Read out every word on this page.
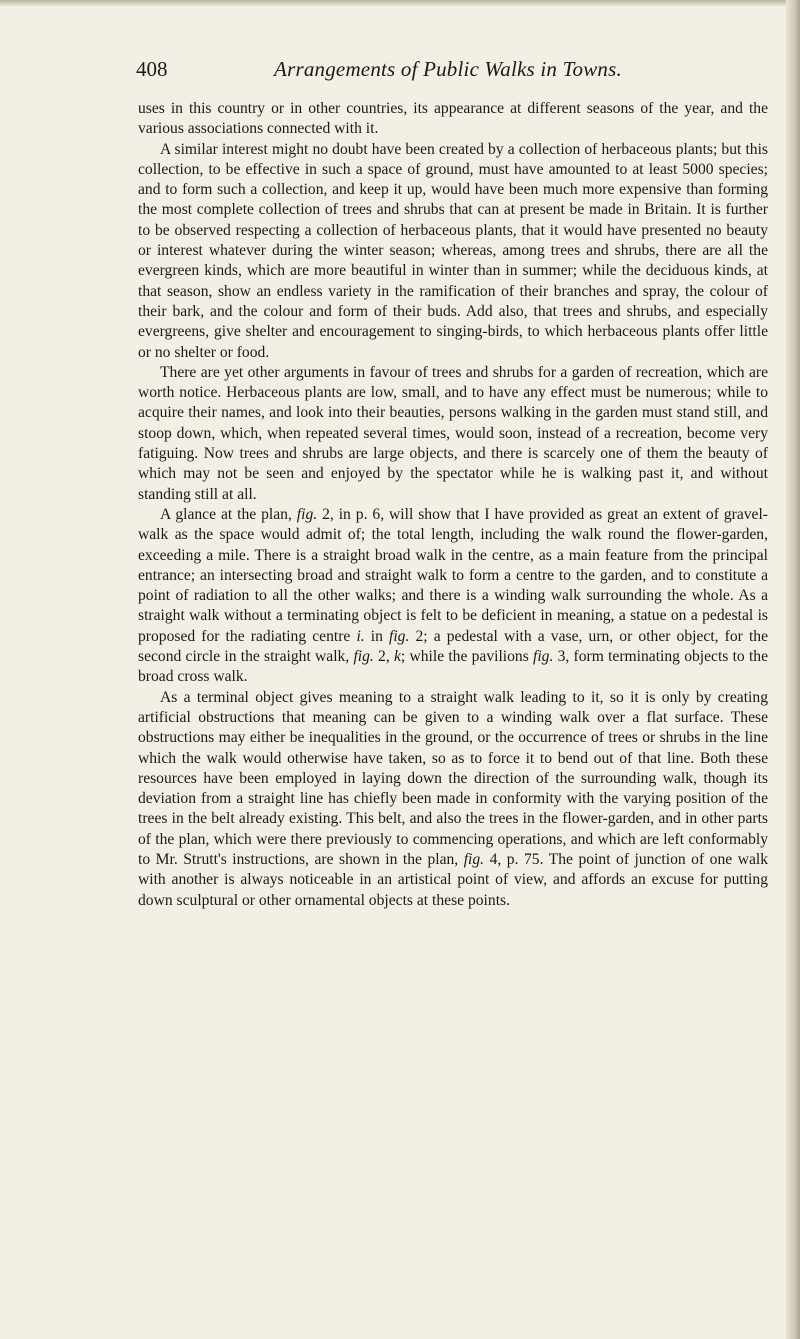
Arrangements of Public Walks in Towns.
408

uses in this country or in other countries, its appearance at different seasons of the year, and the various associations connected with it.

A similar interest might no doubt have been created by a collection of herbaceous plants; but this collection, to be effective in such a space of ground, must have amounted to at least 5000 species; and to form such a collection, and keep it up, would have been much more expensive than forming the most complete collection of trees and shrubs that can at present be made in Britain. It is further to be observed respecting a collection of herbaceous plants, that it would have presented no beauty or interest whatever during the winter season; whereas, among trees and shrubs, there are all the evergreen kinds, which are more beautiful in winter than in summer; while the deciduous kinds, at that season, show an endless variety in the ramification of their branches and spray, the colour of their bark, and the colour and form of their buds. Add also, that trees and shrubs, and especially evergreens, give shelter and encouragement to singing-birds, to which herbaceous plants offer little or no shelter or food.

There are yet other arguments in favour of trees and shrubs for a garden of recreation, which are worth notice. Herbaceous plants are low, small, and to have any effect must be numerous; while to acquire their names, and look into their beauties, persons walking in the garden must stand still, and stoop down, which, when repeated several times, would soon, instead of a recreation, become very fatiguing. Now trees and shrubs are large objects, and there is scarcely one of them the beauty of which may not be seen and enjoyed by the spectator while he is walking past it, and without standing still at all.

A glance at the plan, fig. 2, in p. 6, will show that I have provided as great an extent of gravel-walk as the space would admit of; the total length, including the walk round the flower-garden, exceeding a mile. There is a straight broad walk in the centre, as a main feature from the principal entrance; an intersecting broad and straight walk to form a centre to the garden, and to constitute a point of radiation to all the other walks; and there is a winding walk surrounding the whole. As a straight walk without a terminating object is felt to be deficient in meaning, a statue on a pedestal is proposed for the radiating centre i. in fig. 2; a pedestal with a vase, urn, or other object, for the second circle in the straight walk, fig. 2, k; while the pavilions fig. 3, form terminating objects to the broad cross walk.

As a terminal object gives meaning to a straight walk leading to it, so it is only by creating artificial obstructions that meaning can be given to a winding walk over a flat surface. These obstructions may either be inequalities in the ground, or the occurrence of trees or shrubs in the line which the walk would otherwise have taken, so as to force it to bend out of that line. Both these resources have been employed in laying down the direction of the surrounding walk, though its deviation from a straight line has chiefly been made in conformity with the varying position of the trees in the belt already existing. This belt, and also the trees in the flower-garden, and in other parts of the plan, which were there previously to commencing operations, and which are left conformably to Mr. Strutt's instructions, are shown in the plan, fig. 4, p. 75. The point of junction of one walk with another is always noticeable in an artistical point of view, and affords an excuse for putting down sculptural or other ornamental objects at these points.
